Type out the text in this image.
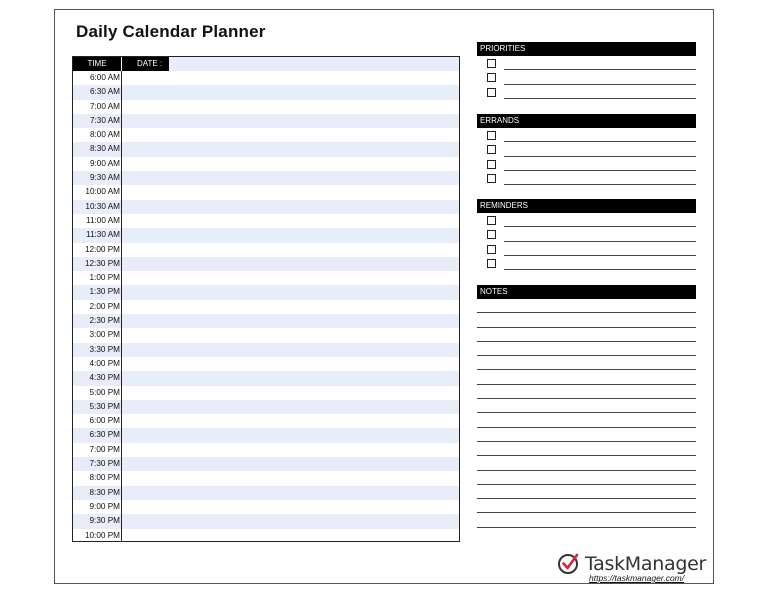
Daily Calendar Planner
TIME	DATE :
6:00 AM
6:30 AM
7:00 AM
7:30 AM
8:00 AM
8:30 AM
9:00 AM
9:30 AM
10:00 AM
10:30 AM
11:00 AM
11:30 AM
12:00 PM
12:30 PM
1:00 PM
1:30 PM
2:00 PM
2:30 PM
3:00 PM
3:30 PM
4:00 PM
4:30 PM
5:00 PM
5:30 PM
6:00 PM
6:30 PM
7:00 PM
7:30 PM
8:00 PM
8:30 PM
9:00 PM
9:30 PM
10:00 PM
PRIORITIES
ERRANDS
REMINDERS
NOTES
TaskManager
https://taskmanager.com/
